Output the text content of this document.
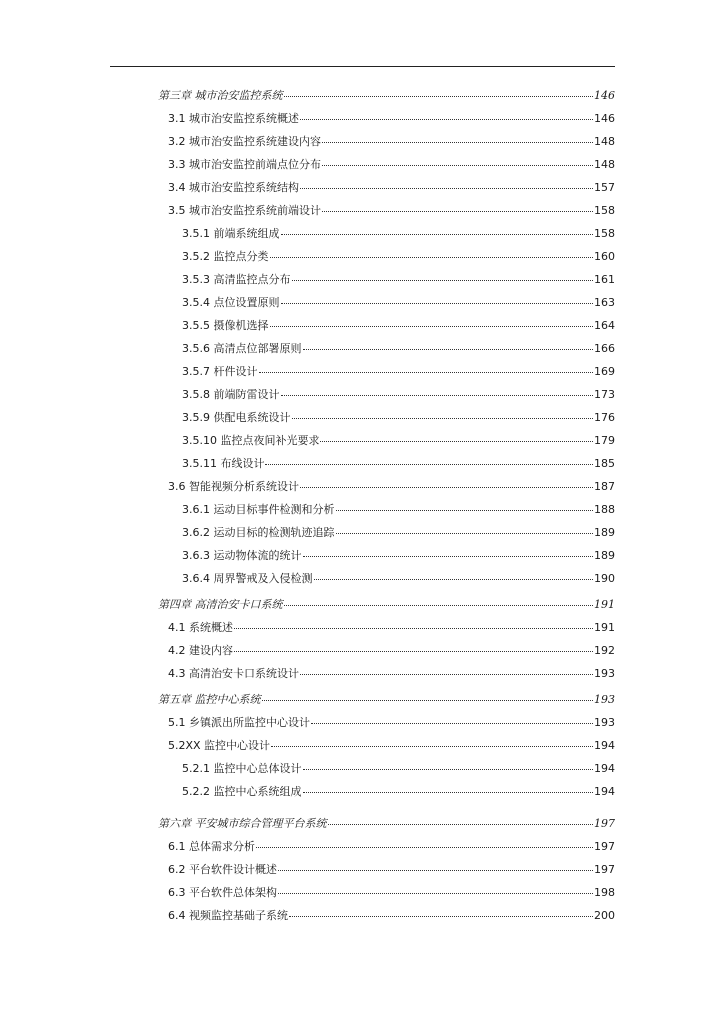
第三章 城市治安监控系统	146
3.1 城市治安监控系统概述	146
3.2 城市治安监控系统建设内容	148
3.3 城市治安监控前端点位分布	148
3.4 城市治安监控系统结构	157
3.5 城市治安监控系统前端设计	158
3.5.1 前端系统组成	158
3.5.2 监控点分类	160
3.5.3 高清监控点分布	161
3.5.4 点位设置原则	163
3.5.5 摄像机选择	164
3.5.6 高清点位部署原则	166
3.5.7 杆件设计	169
3.5.8 前端防雷设计	173
3.5.9 供配电系统设计	176
3.5.10 监控点夜间补光要求	179
3.5.11 布线设计	185
3.6 智能视频分析系统设计	187
3.6.1 运动目标事件检测和分析	188
3.6.2 运动目标的检测轨迹追踪	189
3.6.3 运动物体流的统计	189
3.6.4 周界警戒及入侵检测	190
第四章 高清治安卡口系统	191
4.1 系统概述	191
4.2 建设内容	192
4.3 高清治安卡口系统设计	193
第五章 监控中心系统	193
5.1 乡镇派出所监控中心设计	193
5.2XX 监控中心设计	194
5.2.1 监控中心总体设计	194
5.2.2 监控中心系统组成	194
第六章 平安城市综合管理平台系统	197
6.1 总体需求分析	197
6.2 平台软件设计概述	197
6.3 平台软件总体架构	198
6.4 视频监控基础子系统	200
